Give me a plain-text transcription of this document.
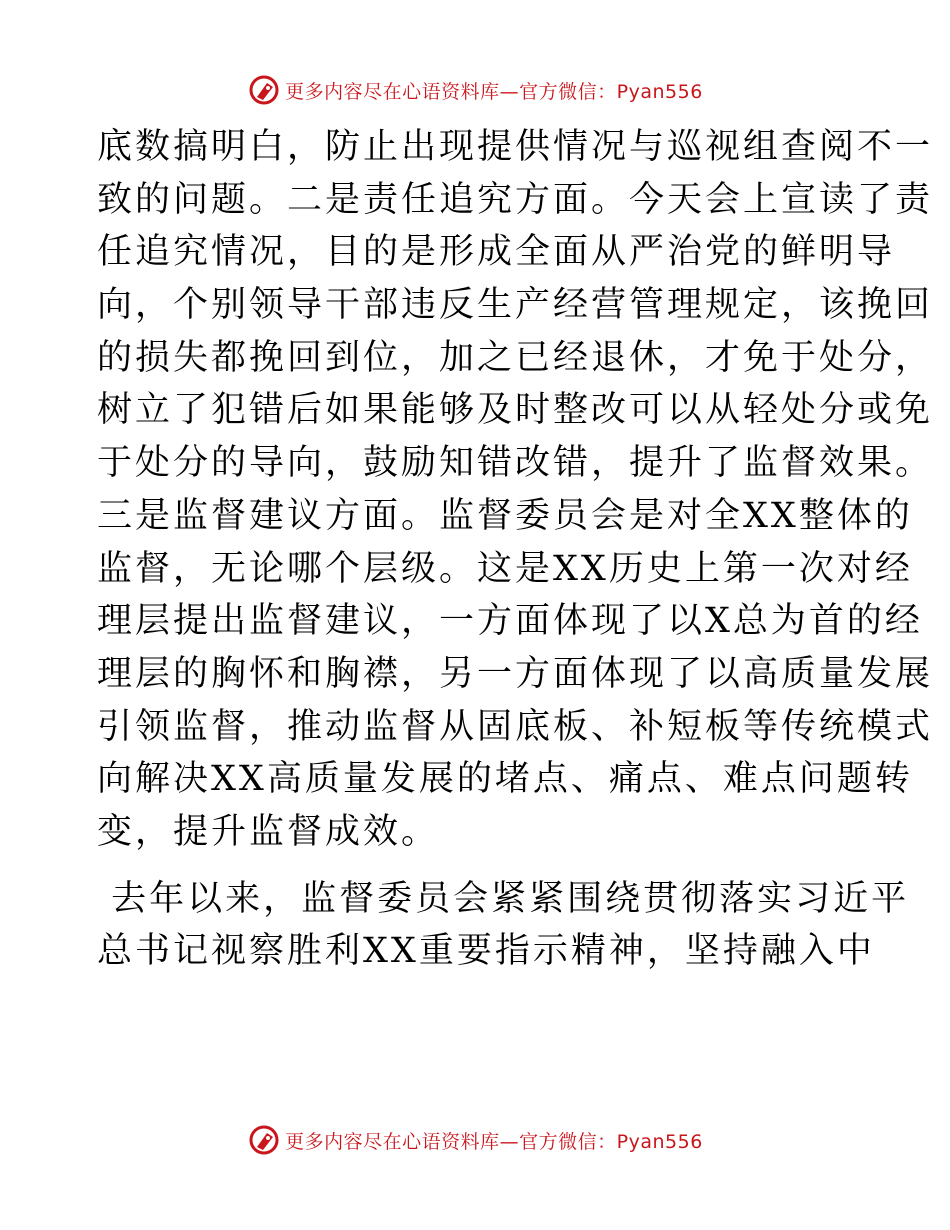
更多内容尽在心语资料库—官方微信：Pyan556
底数搞明白，防止出现提供情况与巡视组查阅不一
致的问题。二是责任追究方面。今天会上宣读了责
任追究情况，目的是形成全面从严治党的鲜明导
向，个别领导干部违反生产经营管理规定，该挽回
的损失都挽回到位，加之已经退休，才免于处分，
树立了犯错后如果能够及时整改可以从轻处分或免
于处分的导向，鼓励知错改错，提升了监督效果。
三是监督建议方面。监督委员会是对全XX整体的
监督，无论哪个层级。这是XX历史上第一次对经
理层提出监督建议，一方面体现了以X总为首的经
理层的胸怀和胸襟，另一方面体现了以高质量发展
引领监督，推动监督从固底板、补短板等传统模式
向解决XX高质量发展的堵点、痛点、难点问题转
变，提升监督成效。
去年以来，监督委员会紧紧围绕贯彻落实习近平
总书记视察胜利XX重要指示精神，坚持融入中
更多内容尽在心语资料库—官方微信：Pyan556
